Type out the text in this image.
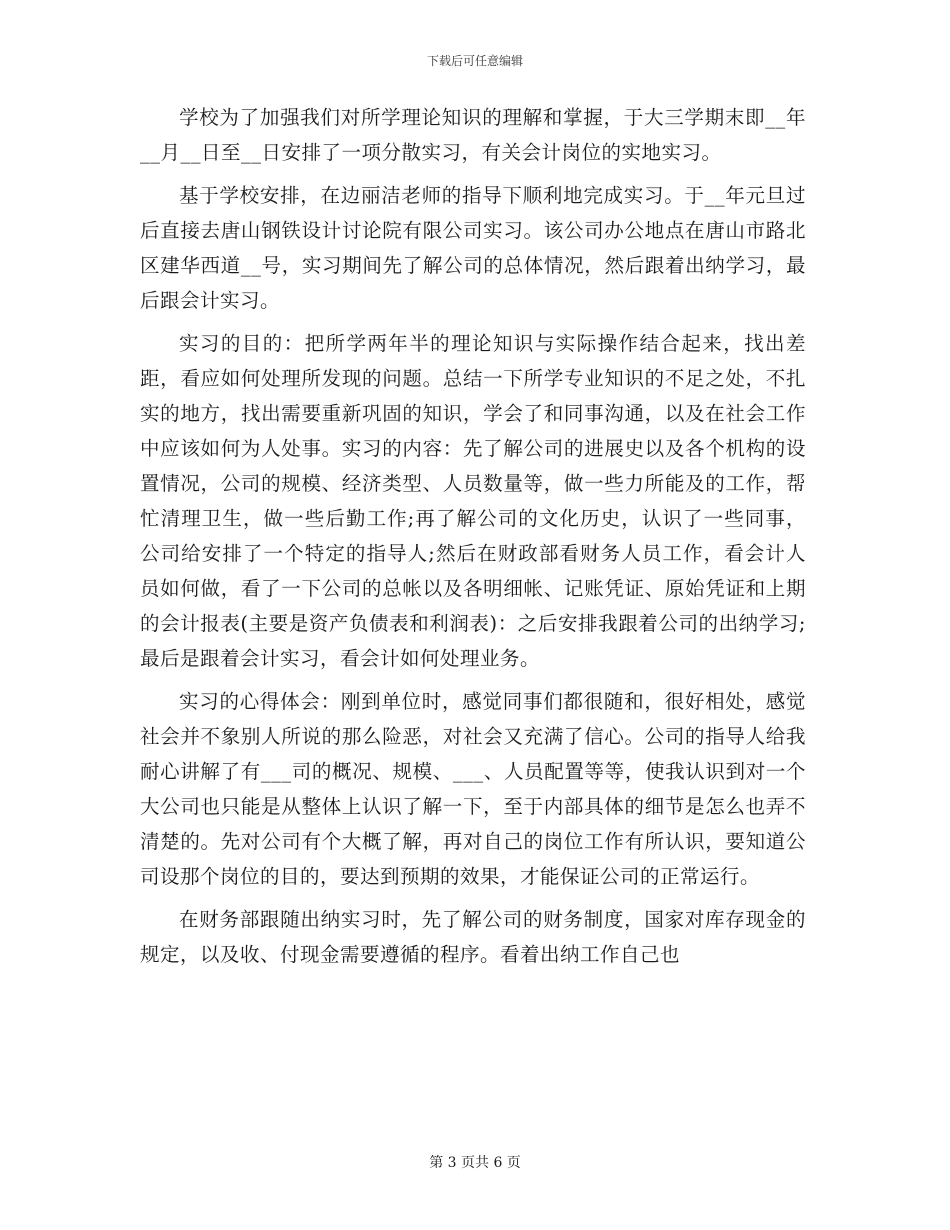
下载后可任意编辑

学校为了加强我们对所学理论知识的理解和掌握，于大三学期末即__年__月__日至__日安排了一项分散实习，有关会计岗位的实地实习。

基于学校安排，在边丽洁老师的指导下顺利地完成实习。于__年元旦过后直接去唐山钢铁设计讨论院有限公司实习。该公司办公地点在唐山市路北区建华西道__号，实习期间先了解公司的总体情况，然后跟着出纳学习，最后跟会计实习。

实习的目的：把所学两年半的理论知识与实际操作结合起来，找出差距，看应如何处理所发现的问题。总结一下所学专业知识的不足之处，不扎实的地方，找出需要重新巩固的知识，学会了和同事沟通，以及在社会工作中应该如何为人处事。实习的内容：先了解公司的进展史以及各个机构的设置情况，公司的规模、经济类型、人员数量等，做一些力所能及的工作，帮忙清理卫生，做一些后勤工作;再了解公司的文化历史，认识了一些同事，公司给安排了一个特定的指导人;然后在财政部看财务人员工作，看会计人员如何做，看了一下公司的总帐以及各明细帐、记账凭证、原始凭证和上期的会计报表(主要是资产负债表和利润表)：之后安排我跟着公司的出纳学习;最后是跟着会计实习，看会计如何处理业务。

实习的心得体会：刚到单位时，感觉同事们都很随和，很好相处，感觉社会并不象别人所说的那么险恶，对社会又充满了信心。公司的指导人给我耐心讲解了有___司的概况、规模、___、人员配置等等，使我认识到对一个大公司也只能是从整体上认识了解一下，至于内部具体的细节是怎么也弄不清楚的。先对公司有个大概了解，再对自己的岗位工作有所认识，要知道公司设那个岗位的目的，要达到预期的效果，才能保证公司的正常运行。

在财务部跟随出纳实习时，先了解公司的财务制度，国家对库存现金的规定，以及收、付现金需要遵循的程序。看着出纳工作自己也

第 3 页共 6 页
